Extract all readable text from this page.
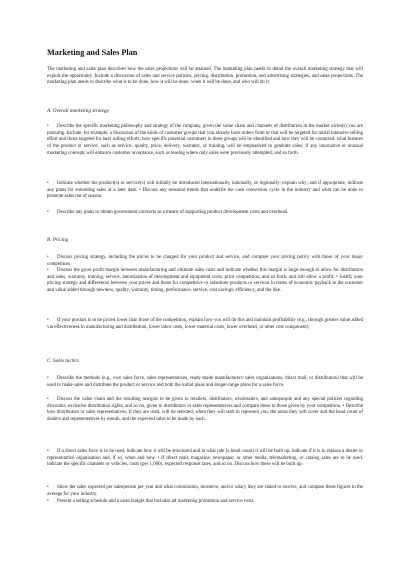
Marketing and Sales Plan
The marketing and sales plan describes how the sales projections will be attained. The marketing plan needs to detail the overall marketing strategy that will exploit the opportunity. Include a discussion of sales and service policies, pricing, distribution, promotion, and advertising strategies; and sales projections. The marketing plan needs to describe what is to be done, how it will be done, when it will be done, and who will do it.
A. Overall marketing strategy
• Describe the specific marketing philosophy and strategy of the company, given the value chain and channels of distribution in the market niche(s) you are pursuing. Include, for example, a discussion of the kinds of customer groups that you already have orders from or that will be targeted for initial intensive selling effort and those targeted for later selling efforts; how specific potential customers in these groups will be identified and how they will be contacted; what features of the product or service, such as service, quality, price, delivery, warranty, or training, will be emphasized to generate sales; if any innovative or unusual marketing concepts will enhance customer acceptance, such as leasing where only sales were previously attempted; and so forth.
• Indicate whether the product(s) or service(s) will initially be introduced internationally, nationally, or regionally; explain why; and if appropriate, indicate any plans for extending sales at a later date. • Discuss any seasonal trends that underlie the cash conversion cycle in the industry and what can be done to promote sales out of season.
• Describe any plans to obtain government contracts as a means of supporting product development costs and overhead.
B. Pricing
• Discuss pricing strategy, including the prices to be charged for your product and service, and compare your pricing policy with those of your major competitors.
• Discuss the gross profit margin between manufacturing and ultimate sales costs and indicate whether this margin is large enough to allow for distribution and sales, warranty, training, service, amortization of development and equipment costs, price competition, and so forth, and still allow a profit. • Justify your pricing strategy and differences between your prices and those for competitive or substitute products or services in terms of economic payback to the customer and value added through newness, quality, warranty, timing, performance, service, cost savings, efficiency, and the like.
• If your product is to be priced lower than those of the competition, explain how you will do this and maintain profitability (e.g., through greater value added via effectiveness in manufacturing and distribution, lower labor costs, lower material costs, lower overhead, or other cost component).
C. Sales tactics
• Describe the methods (e.g., own sales force, sales representatives, ready-made manufacturers' sales organizations, direct mail, or distributors) that will be used to make sales and distribute the product or service and both the initial plans and longer-range plans for a sales force.
• Discuss the value chain and the resulting margins to be given to retailers, distributors, wholesalers, and salespeople and any special policies regarding discounts, exclusive distribution rights, and so on, given to distributors or sales representatives and compare these to those given by your competition. • Describe how distributors or sales representatives, if they are used, will be selected, when they will start to represent you, the areas they will cover and the head count of dealers and representatives by month, and the expected sales to be made by each.
• If a direct sales force is to be used, indicate how it will be structured and at what rate (a head count) it will be built up; indicate if it is to replace a dealer or representative organization and, if so, when and how. • If direct mail, magazine, newspaper, or other media, telemarketing, or catalog sales are to be used, indicate the specific channels or vehicles, costs (per 1,000), expected response rates, and so on. Discuss how these will be built up.
• Show the sales expected per salesperson per year and what commission, incentive, and/or salary they are slated to receive, and compare these figures to the average for your industry.
• Present a selling schedule and a sales budget that includes all marketing promotion and service costs.
